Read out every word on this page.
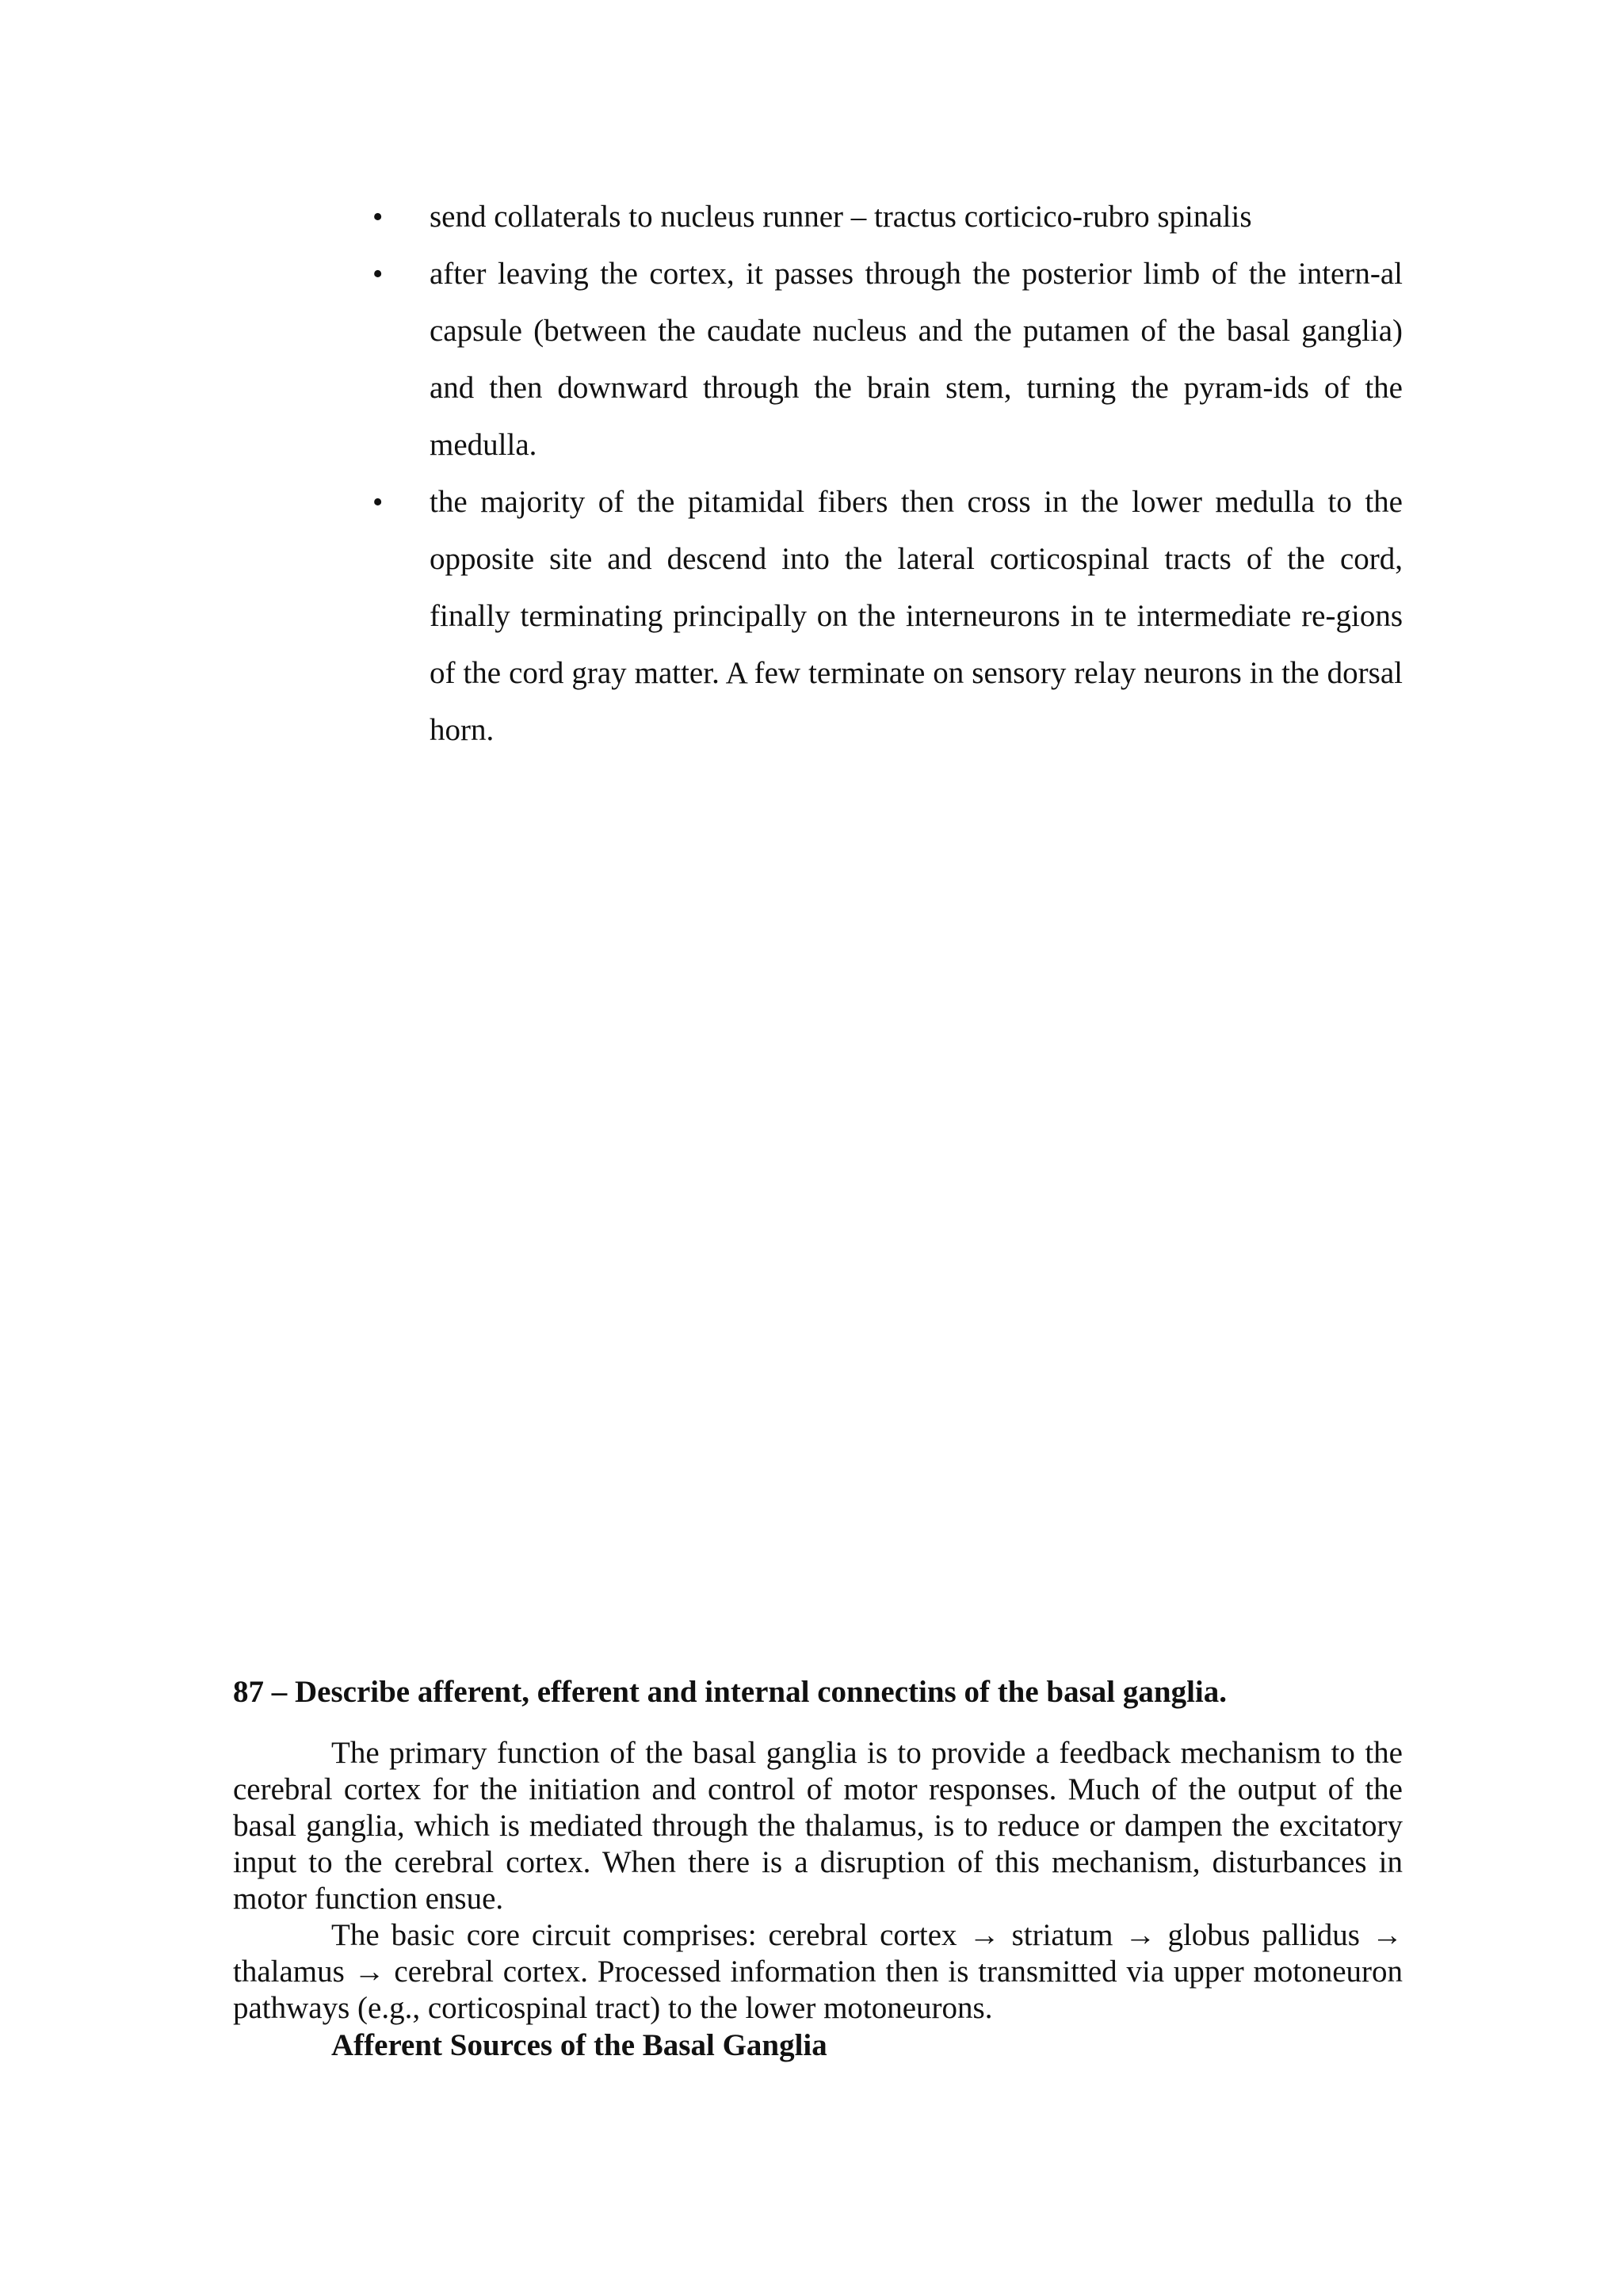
• send collaterals to nucleus runner – tractus corticico-rubro spinalis
• after leaving the cortex, it passes through the posterior limb of the intern-al capsule (between the caudate nucleus and the putamen of the basal ganglia) and then downward through the brain stem, turning the pyram-ids of the medulla.
• the majority of the pitamidal fibers then cross in the lower medulla to the opposite site and descend into the lateral corticospinal tracts of the cord, finally terminating principally on the interneurons in te intermediate re-gions of the cord gray matter. A few terminate on sensory relay neurons in the dorsal horn.
87 – Describe afferent, efferent and internal connectins of the basal ganglia.

The primary function of the basal ganglia is to provide a feedback mechanism to the cerebral cortex for the initiation and control of motor responses. Much of the output of the basal ganglia, which is mediated through the thalamus, is to reduce or dampen the excitatory input to the cerebral cortex. When there is a disruption of this mechanism, disturbances in motor function ensue.

The basic core circuit comprises: cerebral cortex → striatum → globus pallidus → thalamus → cerebral cortex. Processed information then is transmitted via upper motoneuron pathways (e.g., corticospinal tract) to the lower motoneurons.

Afferent Sources of the Basal Ganglia
